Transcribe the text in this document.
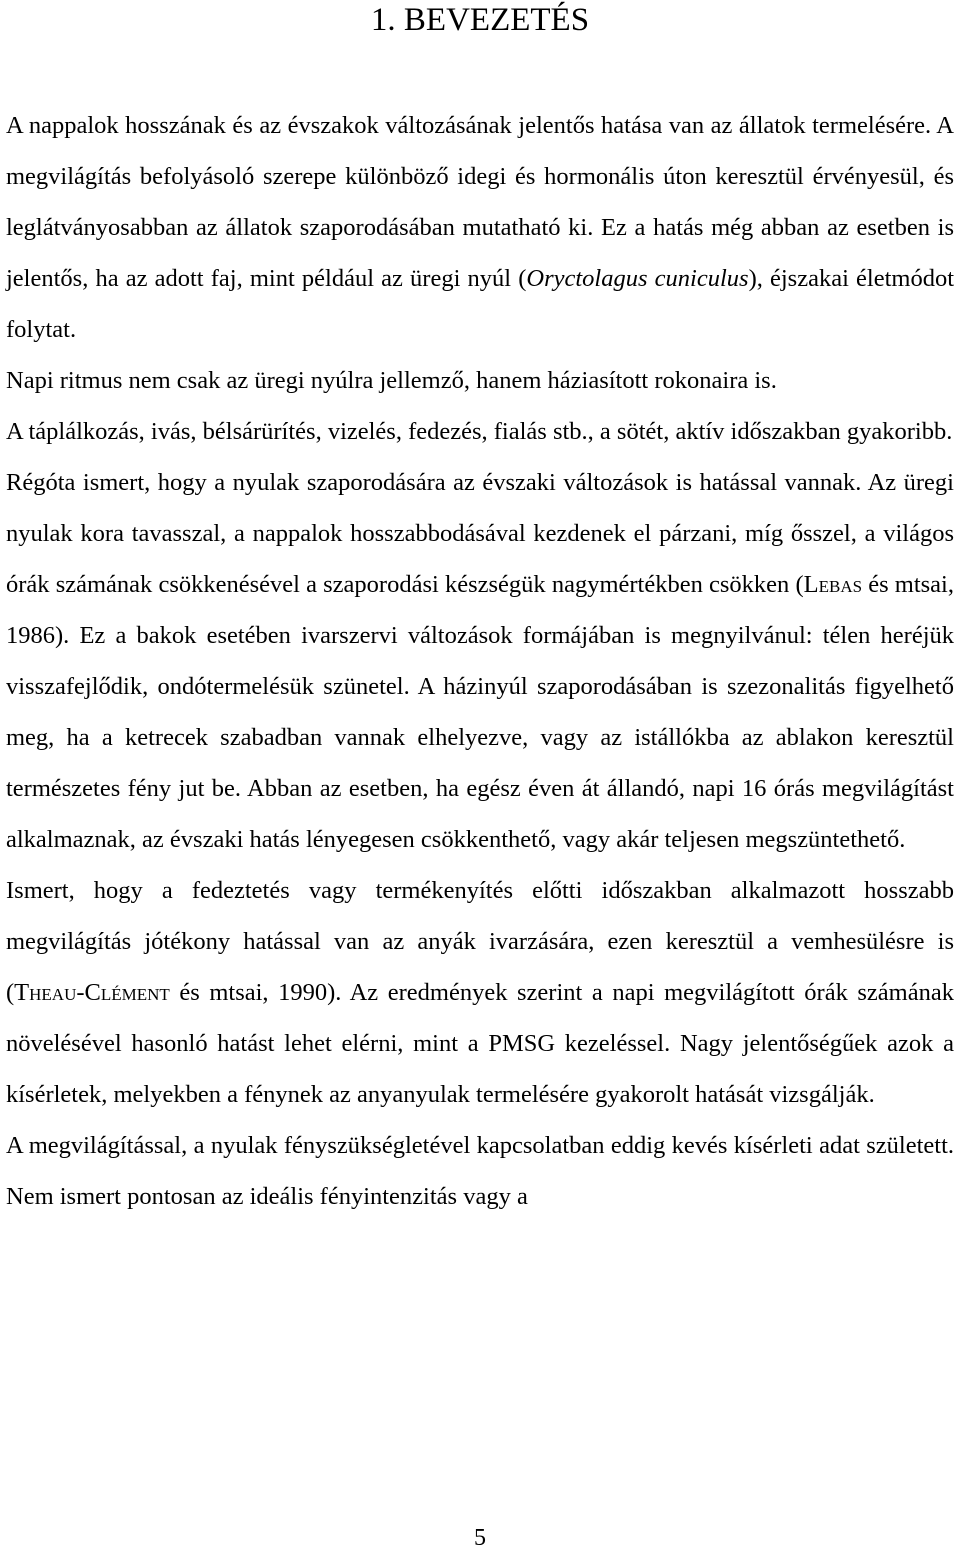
1. BEVEZETÉS

A nappalok hosszának és az évszakok változásának jelentős hatása van az állatok termelésére. A megvilágítás befolyásoló szerepe különböző idegi és hormonális úton keresztül érvényesül, és leglátványosabban az állatok szaporodásában mutatható ki. Ez a hatás még abban az esetben is jelentős, ha az adott faj, mint például az üregi nyúl (Oryctolagus cuniculus), éjszakai életmódot folytat.

Napi ritmus nem csak az üregi nyúlra jellemző, hanem háziasított rokonaira is.

A táplálkozás, ivás, bélsárürítés, vizelés, fedezés, fialás stb., a sötét, aktív időszakban gyakoribb.

Régóta ismert, hogy a nyulak szaporodására az évszaki változások is hatással vannak. Az üregi nyulak kora tavasszal, a nappalok hosszabbodásával kezdenek el párzani, míg ősszel, a világos órák számának csökkenésével a szaporodási készségük nagymértékben csökken (Lebas és mtsai, 1986). Ez a bakok esetében ivarszervi változások formájában is megnyilvánul: télen heréjük visszafejlődik, ondótermelésük szünetel. A házinyúl szaporodásában is szezonalitás figyelhető meg, ha a ketrecek szabadban vannak elhelyezve, vagy az istállókba az ablakon keresztül természetes fény jut be. Abban az esetben, ha egész éven át állandó, napi 16 órás megvilágítást alkalmaznak, az évszaki hatás lényegesen csökkenthető, vagy akár teljesen megszüntethető.

Ismert, hogy a fedeztetés vagy termékenyítés előtti időszakban alkalmazott hosszabb megvilágítás jótékony hatással van az anyák ivarzására, ezen keresztül a vemhesülésre is (Theau-Clément és mtsai, 1990). Az eredmények szerint a napi megvilágított órák számának növelésével hasonló hatást lehet elérni, mint a PMSG kezeléssel. Nagy jelentőségűek azok a kísérletek, melyekben a fénynek az anyanyulak termelésére gyakorolt hatását vizsgálják.

A megvilágítással, a nyulak fényszükségletével kapcsolatban eddig kevés kísérleti adat született. Nem ismert pontosan az ideális fényintenzitás vagy a

5
